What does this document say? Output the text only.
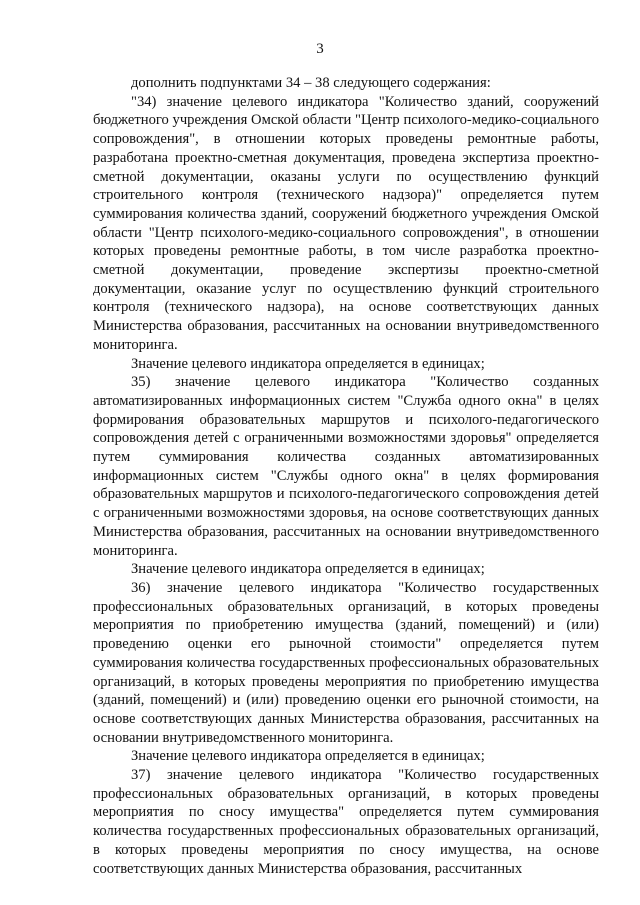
3

дополнить подпунктами 34 – 38 следующего содержания:

"34) значение целевого индикатора "Количество зданий, сооружений бюджетного учреждения Омской области "Центр психолого-медико-социального сопровождения", в отношении которых проведены ремонтные работы, разработана проектно-сметная документация, проведена экспертиза проектно-сметной документации, оказаны услуги по осуществлению функций строительного контроля (технического надзора)" определяется путем суммирования количества зданий, сооружений бюджетного учреждения Омской области "Центр психолого-медико-социального сопровождения", в отношении которых проведены ремонтные работы, в том числе разработка проектно-сметной документации, проведение экспертизы проектно-сметной документации, оказание услуг по осуществлению функций строительного контроля (технического надзора), на основе соответствующих данных Министерства образования, рассчитанных на основании внутриведомственного мониторинга.

Значение целевого индикатора определяется в единицах;

35) значение целевого индикатора "Количество созданных автоматизированных информационных систем "Служба одного окна" в целях формирования образовательных маршрутов и психолого-педагогического сопровождения детей с ограниченными возможностями здоровья" определяется путем суммирования количества созданных автоматизированных информационных систем "Службы одного окна" в целях формирования образовательных маршрутов и психолого-педагогического сопровождения детей с ограниченными возможностями здоровья, на основе соответствующих данных Министерства образования, рассчитанных на основании внутриведомственного мониторинга.

Значение целевого индикатора определяется в единицах;

36) значение целевого индикатора "Количество государственных профессиональных образовательных организаций, в которых проведены мероприятия по приобретению имущества (зданий, помещений) и (или) проведению оценки его рыночной стоимости" определяется путем суммирования количества государственных профессиональных образовательных организаций, в которых проведены мероприятия по приобретению имущества (зданий, помещений) и (или) проведению оценки его рыночной стоимости, на основе соответствующих данных Министерства образования, рассчитанных на основании внутриведомственного мониторинга.

Значение целевого индикатора определяется в единицах;

37) значение целевого индикатора "Количество государственных профессиональных образовательных организаций, в которых проведены мероприятия по сносу имущества" определяется путем суммирования количества государственных профессиональных образовательных организаций, в которых проведены мероприятия по сносу имущества, на основе соответствующих данных Министерства образования, рассчитанных
